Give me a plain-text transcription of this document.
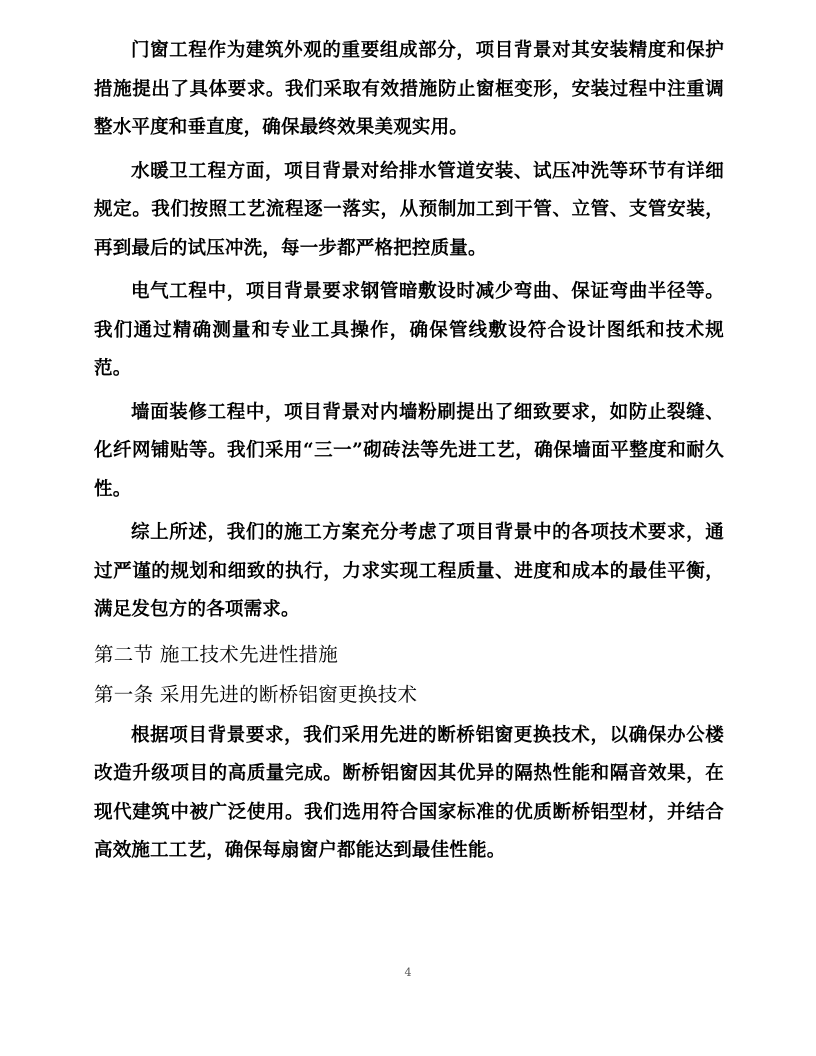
门窗工程作为建筑外观的重要组成部分，项目背景对其安装精度和保护措施提出了具体要求。我们采取有效措施防止窗框变形，安装过程中注重调整水平度和垂直度，确保最终效果美观实用。

水暖卫工程方面，项目背景对给排水管道安装、试压冲洗等环节有详细规定。我们按照工艺流程逐一落实，从预制加工到干管、立管、支管安装，再到最后的试压冲洗，每一步都严格把控质量。

电气工程中，项目背景要求钢管暗敷设时减少弯曲、保证弯曲半径等。我们通过精确测量和专业工具操作，确保管线敷设符合设计图纸和技术规范。

墙面装修工程中，项目背景对内墙粉刷提出了细致要求，如防止裂缝、化纤网铺贴等。我们采用“三一”砌砖法等先进工艺，确保墙面平整度和耐久性。

综上所述，我们的施工方案充分考虑了项目背景中的各项技术要求，通过严谨的规划和细致的执行，力求实现工程质量、进度和成本的最佳平衡，满足发包方的各项需求。

第二节 施工技术先进性措施
第一条 采用先进的断桥铝窗更换技术

根据项目背景要求，我们采用先进的断桥铝窗更换技术，以确保办公楼改造升级项目的高质量完成。断桥铝窗因其优异的隔热性能和隔音效果，在现代建筑中被广泛使用。我们选用符合国家标准的优质断桥铝型材，并结合高效施工工艺，确保每扇窗户都能达到最佳性能。

4
